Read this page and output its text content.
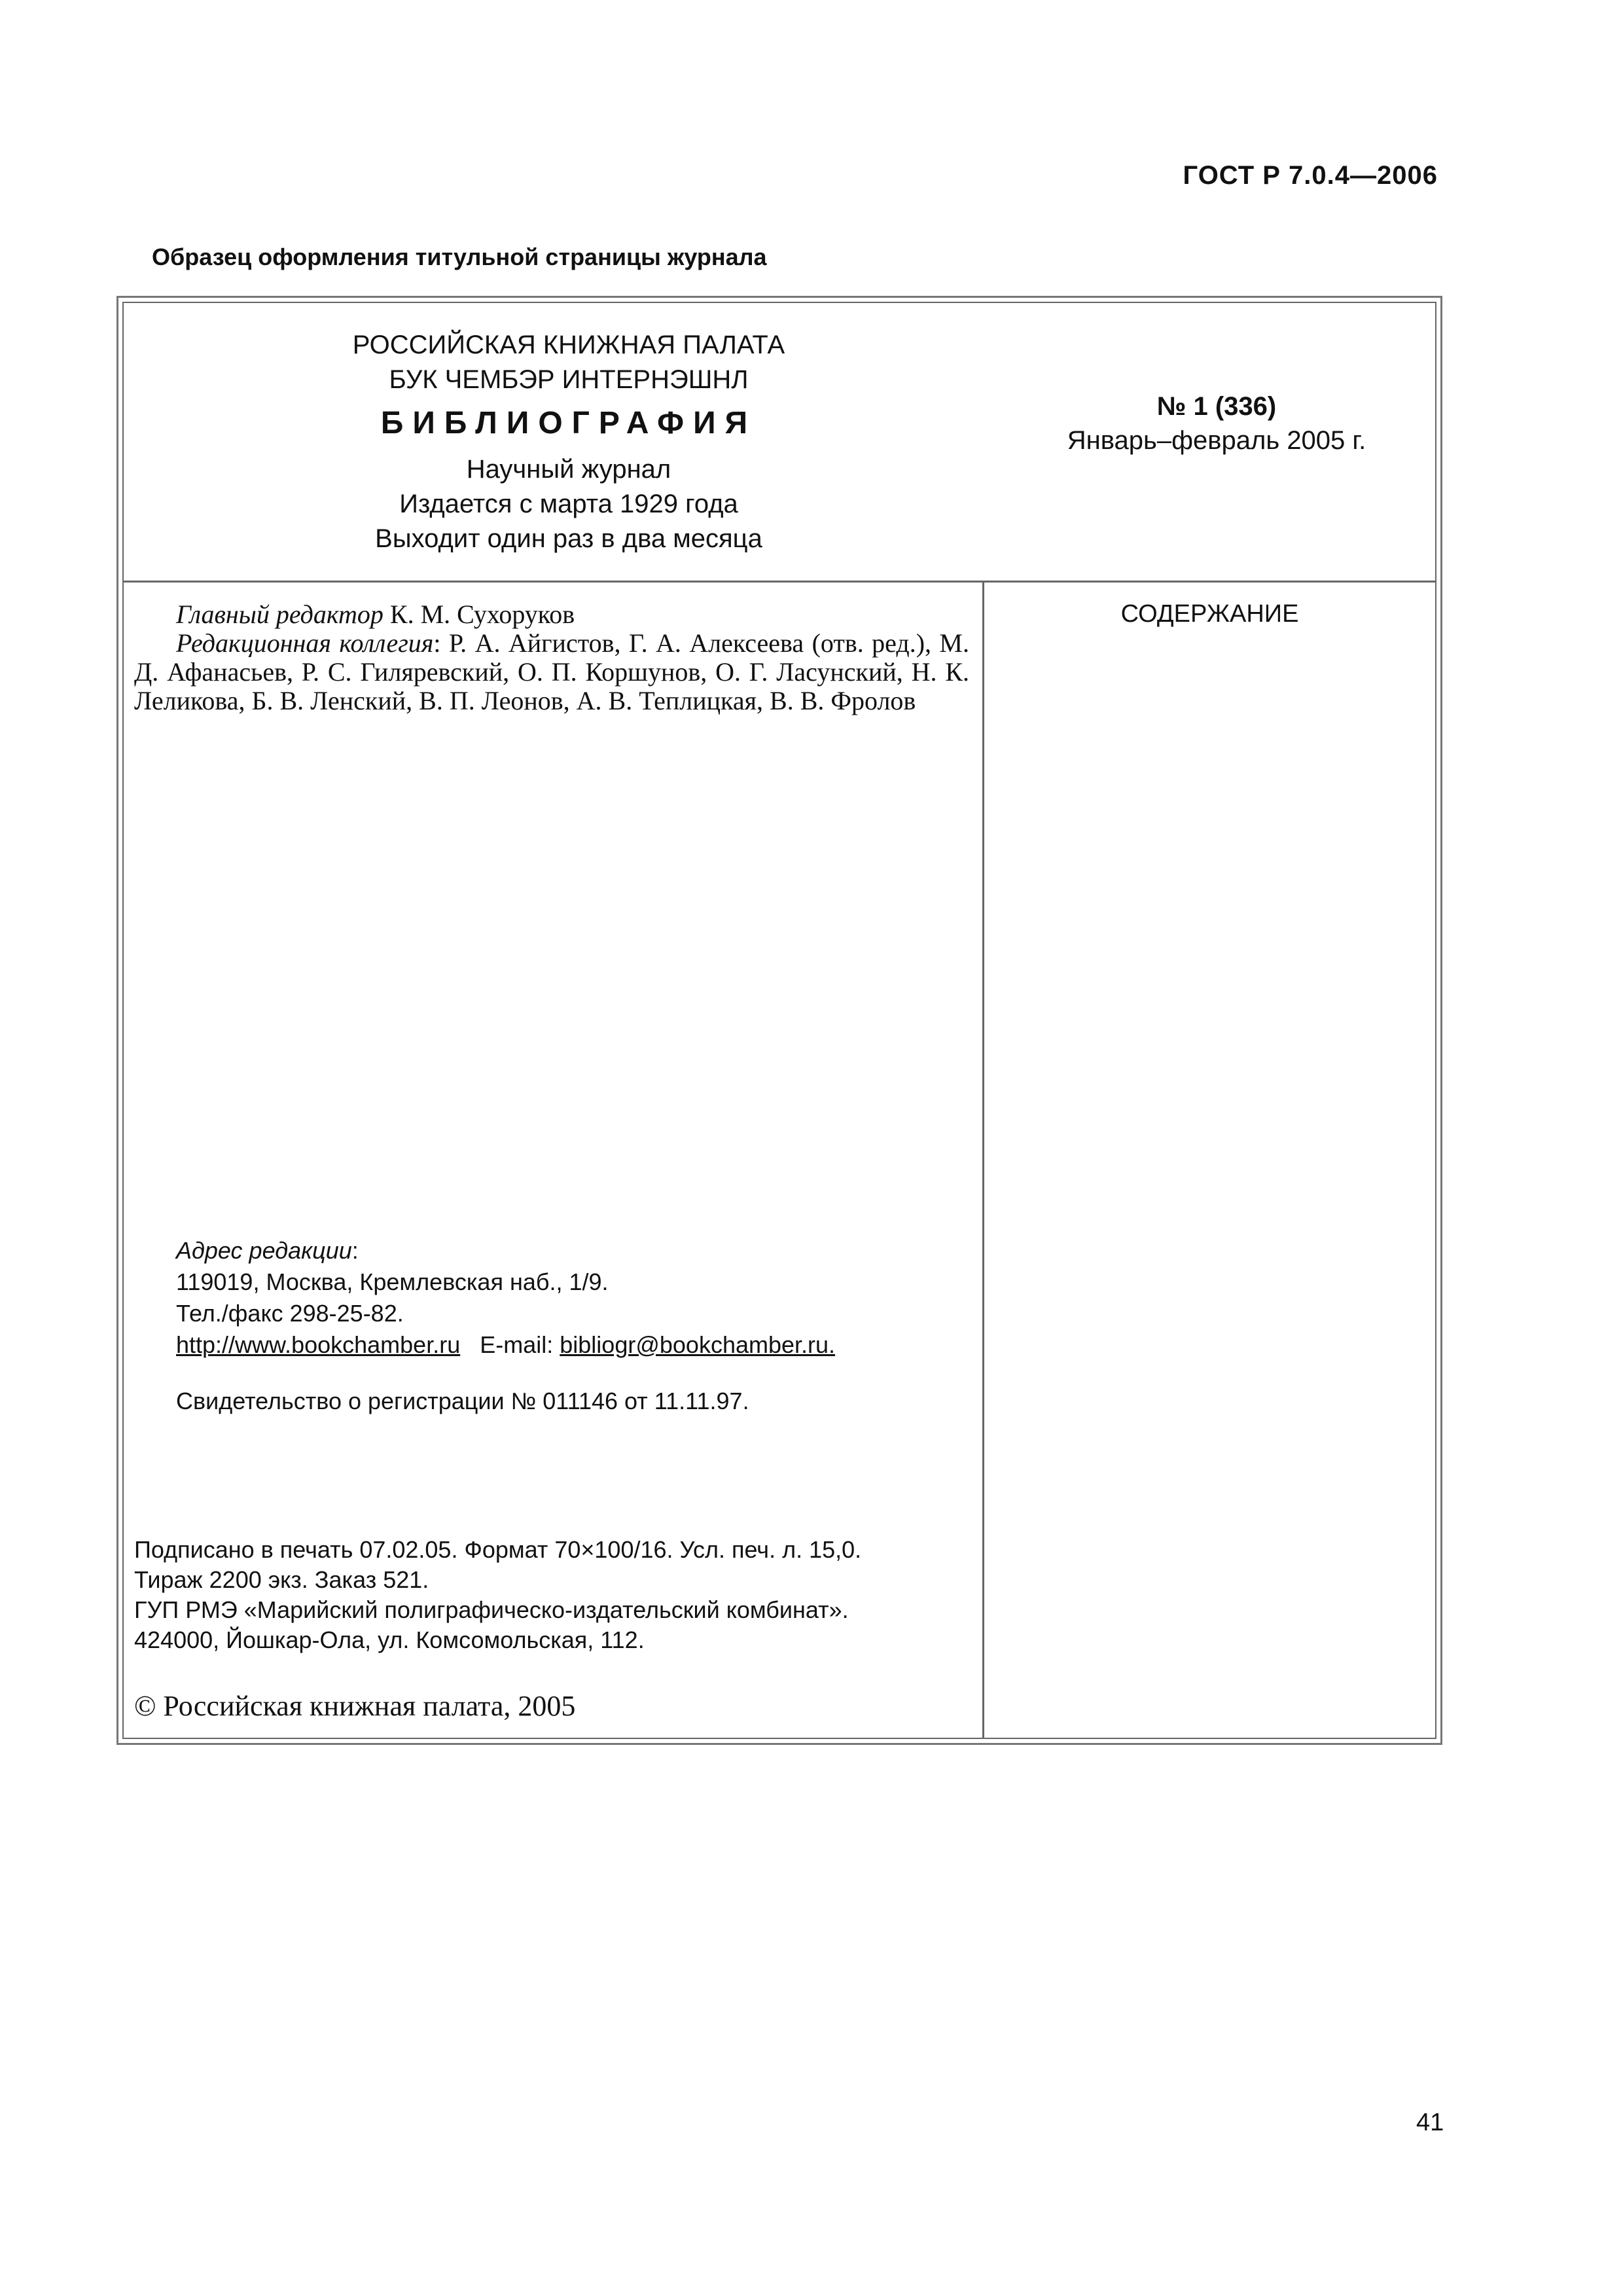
ГОСТ Р 7.0.4—2006
Образец оформления титульной страницы журнала
РОССИЙСКАЯ КНИЖНАЯ ПАЛАТА
БУК ЧЕМБЭР ИНТЕРНЭШНЛ
БИБЛИОГРАФИЯ
Научный журнал
Издается с марта 1929 года
Выходит один раз в два месяца
№ 1 (336)
Январь–февраль 2005 г.

Главный редактор К. М. Сухоруков

Редакционная коллегия: Р. А. Айгистов, Г. А. Алексеева (отв. ред.), М. Д. Афанасьев, Р. С. Гиляревский, О. П. Коршунов, О. Г. Ласунский, Н. К. Леликова, Б. В. Ленский, В. П. Леонов, А. В. Теплицкая, В. В. Фролов

Адрес редакции:
119019, Москва, Кремлевская наб., 1/9.
Тел./факс 298-25-82.
http://www.bookchamber.ru E-mail: bibliogr@bookchamber.ru.
Свидетельство о регистрации № 011146 от 11.11.97.
Подписано в печать 07.02.05. Формат 70×100/16. Усл. печ. л. 15,0.
Тираж 2200 экз. Заказ 521.
ГУП РМЭ «Марийский полиграфическо-издательский комбинат».
424000, Йошкар-Ола, ул. Комсомольская, 112.
© Российская книжная палата, 2005
СОДЕРЖАНИЕ
41
